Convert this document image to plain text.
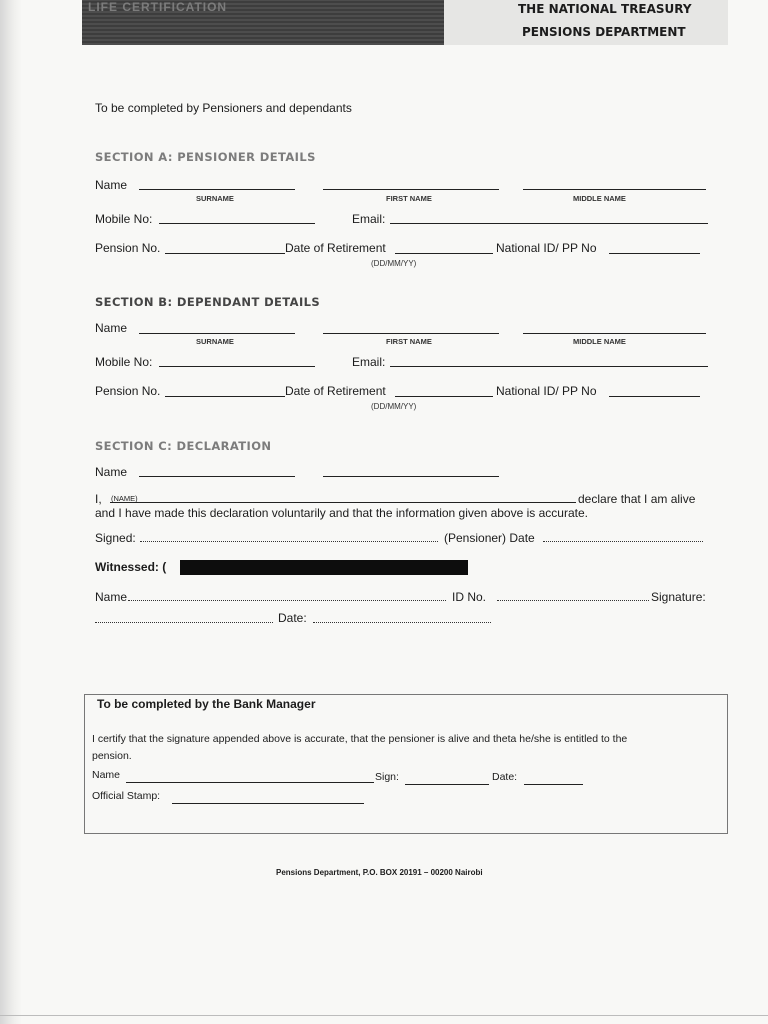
LIFE CERTIFICATION	THE NATIONAL TREASURY
PENSIONS DEPARTMENT
To be completed by Pensioners and dependants
SECTION A: PENSIONER DETAILS
Name
SURNAME	FIRST NAME	MIDDLE NAME
Mobile No:	Email:
Pension No.	Date of Retirement	National ID/ PP No
(DD/MM/YY)
SECTION B: DEPENDANT DETAILS
Name
SURNAME	FIRST NAME	MIDDLE NAME
Mobile No:	Email:
Pension No.	Date of Retirement	National ID/ PP No
(DD/MM/YY)
SECTION C: DECLARATION
Name
I, (NAME)	declare that I am alive
and I have made this declaration voluntarily and that the information given above is accurate.
Signed:	(Pensioner) Date
Witnessed: (
Name	ID No.	Signature:
Date:
To be completed by the Bank Manager
I certify that the signature appended above is accurate, that the pensioner is alive and theta he/she is entitled to the
pension.
Name	Sign:	Date:
Official Stamp:
Pensions Department, P.O. BOX 20191 – 00200 Nairobi
